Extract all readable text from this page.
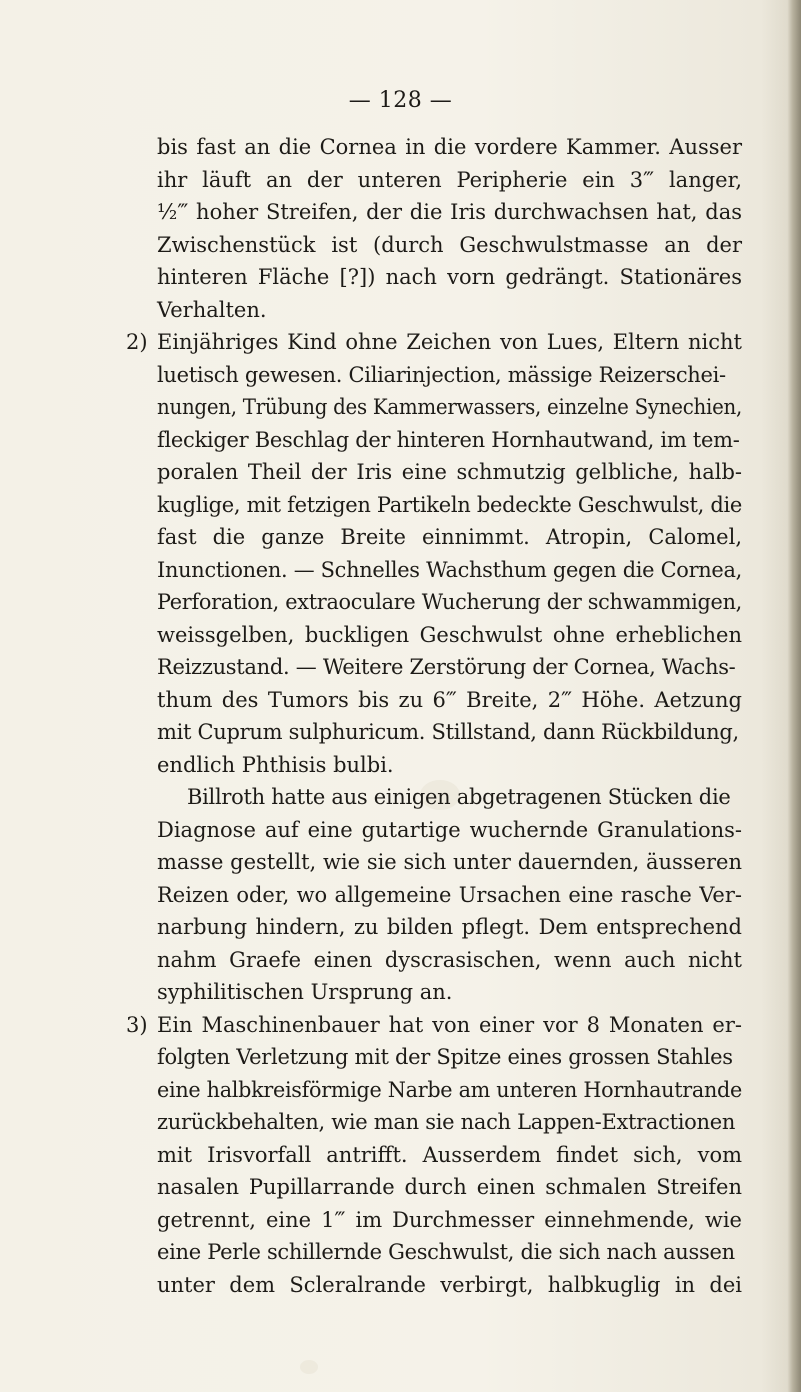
— 128 —
bis fast an die Cornea in die vordere Kammer. Ausser
ihr läuft an der unteren Peripherie ein 3‴ langer,
½‴ hoher Streifen, der die Iris durchwachsen hat, das
Zwischenstück ist (durch Geschwulstmasse an der
hinteren Fläche [?]) nach vorn gedrängt. Stationäres
Verhalten.
2) Einjähriges Kind ohne Zeichen von Lues, Eltern nicht
luetisch gewesen. Ciliarinjection, mässige Reizerschei-
nungen, Trübung des Kammerwassers, einzelne Synechien,
fleckiger Beschlag der hinteren Hornhautwand, im tem-
poralen Theil der Iris eine schmutzig gelbliche, halb-
kuglige, mit fetzigen Partikeln bedeckte Geschwulst, die
fast die ganze Breite einnimmt. Atropin, Calomel,
Inunctionen. — Schnelles Wachsthum gegen die Cornea,
Perforation, extraoculare Wucherung der schwammigen,
weissgelben, buckligen Geschwulst ohne erheblichen
Reizzustand. — Weitere Zerstörung der Cornea, Wachs-
thum des Tumors bis zu 6‴ Breite, 2‴ Höhe. Aetzung
mit Cuprum sulphuricum. Stillstand, dann Rückbildung,
endlich Phthisis bulbi.
Billroth hatte aus einigen abgetragenen Stücken die
Diagnose auf eine gutartige wuchernde Granulations-
masse gestellt, wie sie sich unter dauernden, äusseren
Reizen oder, wo allgemeine Ursachen eine rasche Ver-
narbung hindern, zu bilden pflegt. Dem entsprechend
nahm Graefe einen dyscrasischen, wenn auch nicht
syphilitischen Ursprung an.
3) Ein Maschinenbauer hat von einer vor 8 Monaten er-
folgten Verletzung mit der Spitze eines grossen Stahles
eine halbkreisförmige Narbe am unteren Hornhautrande
zurückbehalten, wie man sie nach Lappen-Extractionen
mit Irisvorfall antrifft. Ausserdem findet sich, vom
nasalen Pupillarrande durch einen schmalen Streifen
getrennt, eine 1‴ im Durchmesser einnehmende, wie
eine Perle schillernde Geschwulst, die sich nach aussen
unter dem Scleralrande verbirgt, halbkuglig in dei
